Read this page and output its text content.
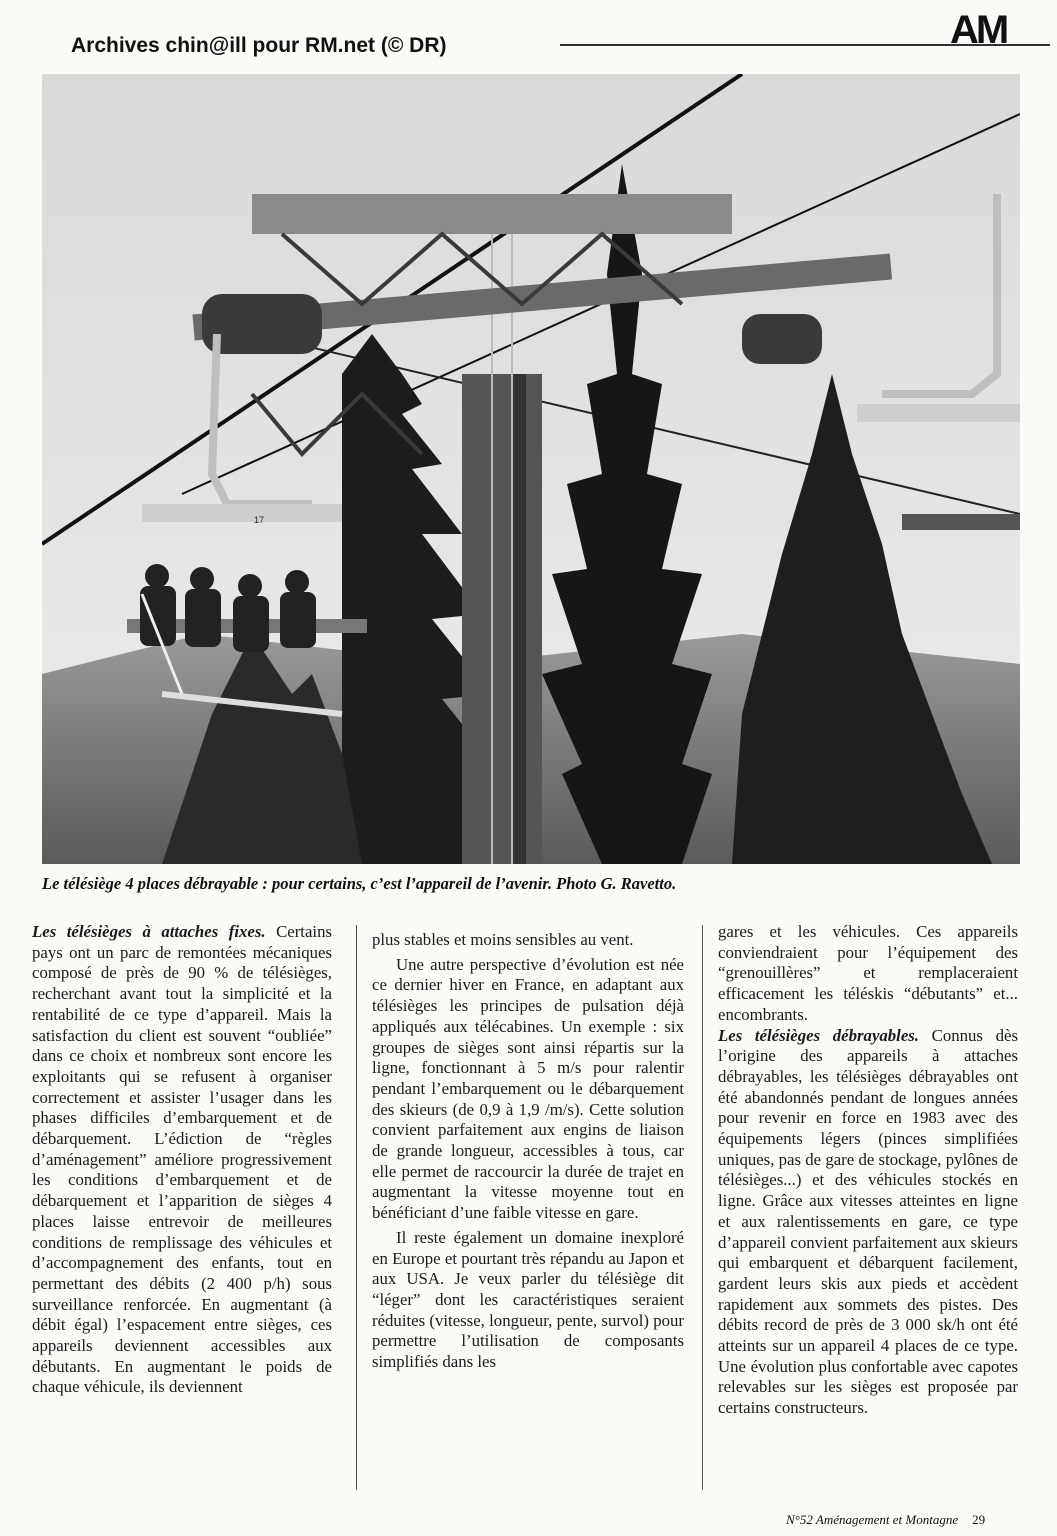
Archives chin@ill pour RM.net (© DR)	AM
17
Le télésiège 4 places débrayable : pour certains, c’est l’appareil de l’avenir. Photo G. Ravetto.

Les télésièges à attaches fixes. Certains pays ont un parc de remontées mécaniques composé de près de 90 % de télésièges, recherchant avant tout la simplicité et la rentabilité de ce type d’appareil. Mais la satisfaction du client est souvent “oubliée” dans ce choix et nombreux sont encore les exploitants qui se refusent à organiser correctement et assister l’usager dans les phases difficiles d’embarquement et de débarquement. L’édiction de “règles d’aménagement” améliore progressivement les conditions d’embarquement et de débarquement et l’apparition de sièges 4 places laisse entrevoir de meilleures conditions de remplissage des véhicules et d’accompagnement des enfants, tout en permettant des débits (2 400 p/h) sous surveillance renforcée. En augmentant (à débit égal) l’espacement entre sièges, ces appareils deviennent accessibles aux débutants. En augmentant le poids de chaque véhicule, ils deviennent

plus stables et moins sensibles au vent.

Une autre perspective d’évolution est née ce dernier hiver en France, en adaptant aux télésièges les principes de pulsation déjà appliqués aux télécabines. Un exemple : six groupes de sièges sont ainsi répartis sur la ligne, fonctionnant à 5 m/s pour ralentir pendant l’embarquement ou le débarquement des skieurs (de 0,9 à 1,9 /m/s). Cette solution convient parfaitement aux engins de liaison de grande longueur, accessibles à tous, car elle permet de raccourcir la durée de trajet en augmentant la vitesse moyenne tout en bénéficiant d’une faible vitesse en gare.

Il reste également un domaine inexploré en Europe et pourtant très répandu au Japon et aux USA. Je veux parler du télésiège dit “léger” dont les caractéristiques seraient réduites (vitesse, longueur, pente, survol) pour permettre l’utilisation de composants simplifiés dans les

gares et les véhicules. Ces appareils conviendraient pour l’équipement des “grenouillères” et remplaceraient efficacement les téléskis “débutants” et... encombrants.

Les télésièges débrayables. Connus dès l’origine des appareils à attaches débrayables, les télésièges débrayables ont été abandonnés pendant de longues années pour revenir en force en 1983 avec des équipements légers (pinces simplifiées uniques, pas de gare de stockage, pylônes de télésièges...) et des véhicules stockés en ligne. Grâce aux vitesses atteintes en ligne et aux ralentissements en gare, ce type d’appareil convient parfaitement aux skieurs qui embarquent et débarquent facilement, gardent leurs skis aux pieds et accèdent rapidement aux sommets des pistes. Des débits record de près de 3 000 sk/h ont été atteints sur un appareil 4 places de ce type. Une évolution plus confortable avec capotes relevables sur les sièges est proposée par certains constructeurs.

N°52 Aménagement et Montagne 29
